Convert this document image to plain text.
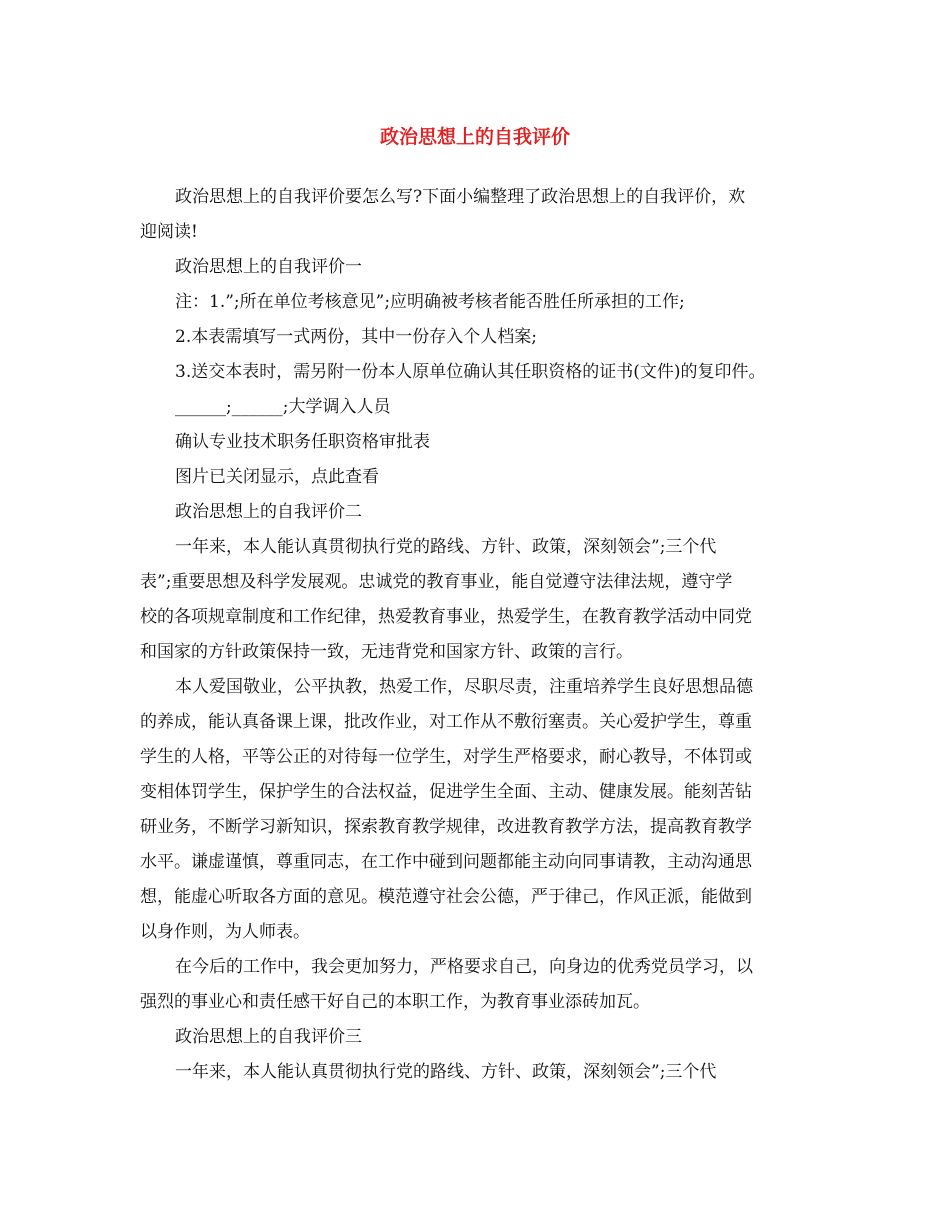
政治思想上的自我评价

政治思想上的自我评价要怎么写?下面小编整理了政治思想上的自我评价，欢

迎阅读!

政治思想上的自我评价一

注：1.”;所在单位考核意见”;应明确被考核者能否胜任所承担的工作;

2.本表需填写一式两份，其中一份存入个人档案;

3.送交本表时，需另附一份本人原单位确认其任职资格的证书(文件)的复印件。

______;______;大学调入人员

确认专业技术职务任职资格审批表

图片已关闭显示，点此查看

政治思想上的自我评价二

一年来，本人能认真贯彻执行党的路线、方针、政策，深刻领会”;三个代

表”;重要思想及科学发展观。忠诚党的教育事业，能自觉遵守法律法规，遵守学

校的各项规章制度和工作纪律，热爱教育事业，热爱学生，在教育教学活动中同党

和国家的方针政策保持一致，无违背党和国家方针、政策的言行。

本人爱国敬业，公平执教，热爱工作，尽职尽责，注重培养学生良好思想品德

的养成，能认真备课上课，批改作业，对工作从不敷衍塞责。关心爱护学生，尊重

学生的人格，平等公正的对待每一位学生，对学生严格要求，耐心教导，不体罚或

变相体罚学生，保护学生的合法权益，促进学生全面、主动、健康发展。能刻苦钻

研业务，不断学习新知识，探索教育教学规律，改进教育教学方法，提高教育教学

水平。谦虚谨慎，尊重同志，在工作中碰到问题都能主动向同事请教，主动沟通思

想，能虚心听取各方面的意见。模范遵守社会公德，严于律己，作风正派，能做到

以身作则，为人师表。

在今后的工作中，我会更加努力，严格要求自己，向身边的优秀党员学习，以

强烈的事业心和责任感干好自己的本职工作，为教育事业添砖加瓦。

政治思想上的自我评价三

一年来，本人能认真贯彻执行党的路线、方针、政策，深刻领会”;三个代
